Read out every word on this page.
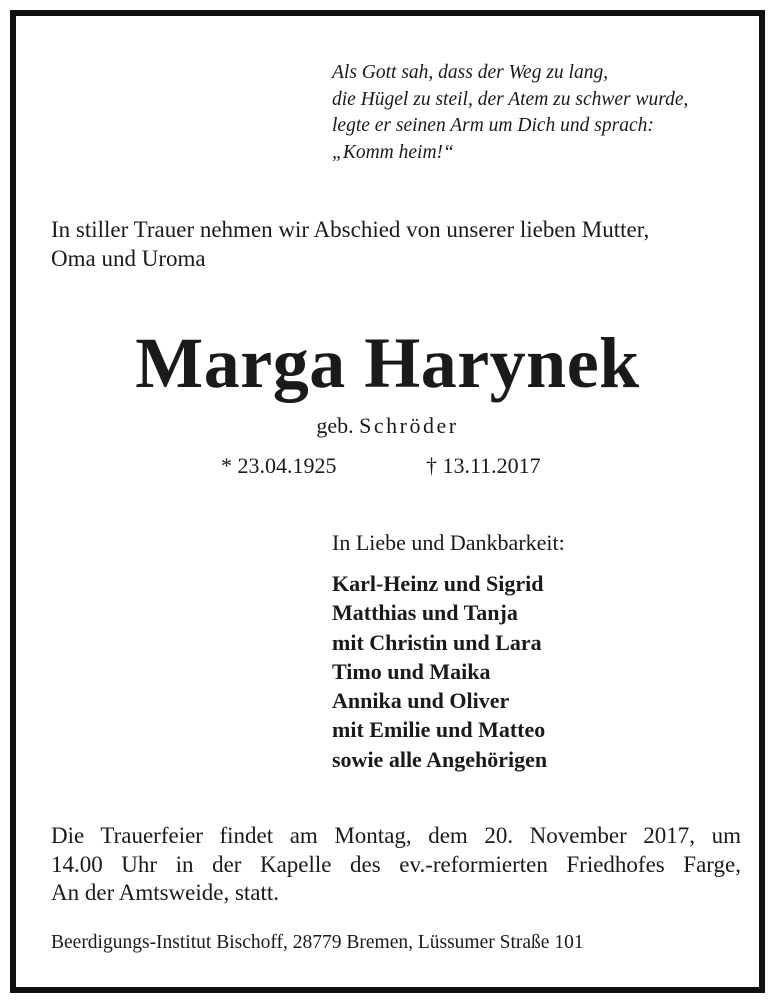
Als Gott sah, dass der Weg zu lang,
die Hügel zu steil, der Atem zu schwer wurde,
legte er seinen Arm um Dich und sprach:
„Komm heim!“
In stiller Trauer nehmen wir Abschied von unserer lieben Mutter,
Oma und Uroma
Marga Harynek
geb. Schröder
* 23.04.1925	† 13.11.2017
In Liebe und Dankbarkeit:
Karl-Heinz und Sigrid
Matthias und Tanja
mit Christin und Lara
Timo und Maika
Annika und Oliver
mit Emilie und Matteo
sowie alle Angehörigen
Die Trauerfeier findet am Montag, dem 20. November 2017, um
14.00 Uhr in der Kapelle des ev.-reformierten Friedhofes Farge,
An der Amtsweide, statt.
Beerdigungs-Institut Bischoff, 28779 Bremen, Lüssumer Straße 101
